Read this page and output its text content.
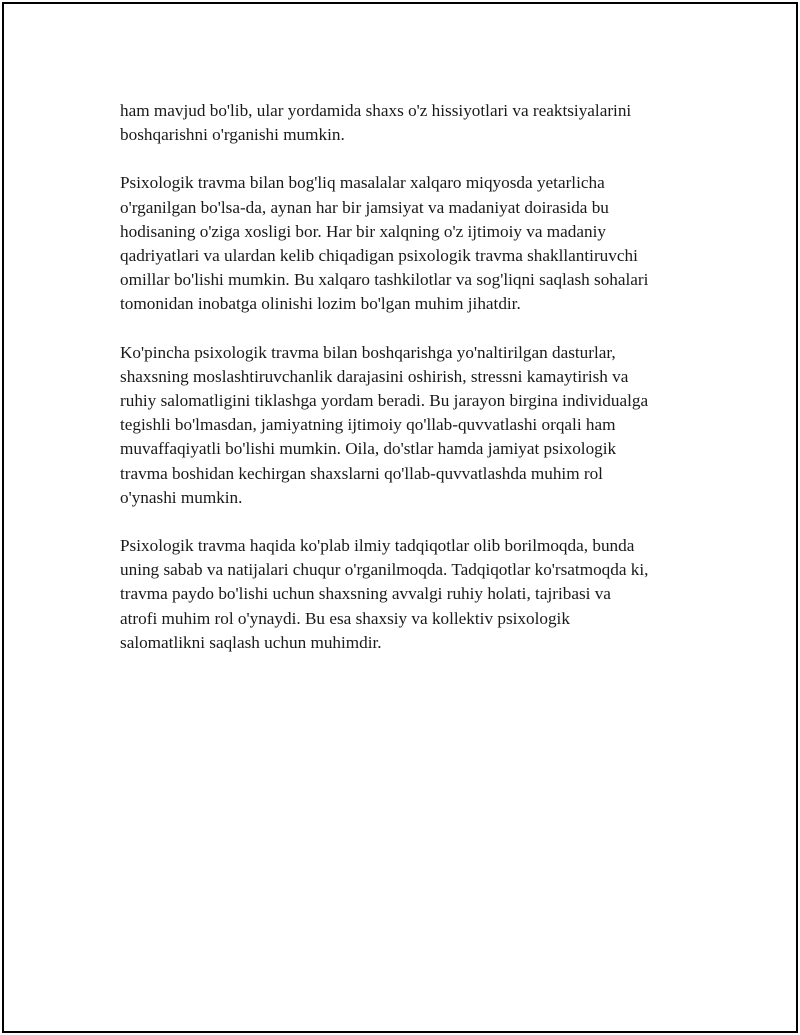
ham mavjud bo'lib, ular yordamida shaxs o'z hissiyotlari va reaktsiyalarini
boshqarishni o'rganishi mumkin.

Psixologik travma bilan bog'liq masalalar xalqaro miqyosda yetarlicha
o'rganilgan bo'lsa-da, aynan har bir jamsiyat va madaniyat doirasida bu
hodisaning o'ziga xosligi bor. Har bir xalqning o'z ijtimoiy va madaniy
qadriyatlari va ulardan kelib chiqadigan psixologik travma shakllantiruvchi
omillar bo'lishi mumkin. Bu xalqaro tashkilotlar va sog'liqni saqlash sohalari
tomonidan inobatga olinishi lozim bo'lgan muhim jihatdir.

Ko'pincha psixologik travma bilan boshqarishga yo'naltirilgan dasturlar,
shaxsning moslashtiruvchanlik darajasini oshirish, stressni kamaytirish va
ruhiy salomatligini tiklashga yordam beradi. Bu jarayon birgina individualga
tegishli bo'lmasdan, jamiyatning ijtimoiy qo'llab-quvvatlashi orqali ham
muvaffaqiyatli bo'lishi mumkin. Oila, do'stlar hamda jamiyat psixologik
travma boshidan kechirgan shaxslarni qo'llab-quvvatlashda muhim rol
o'ynashi mumkin.

Psixologik travma haqida ko'plab ilmiy tadqiqotlar olib borilmoqda, bunda
uning sabab va natijalari chuqur o'rganilmoqda. Tadqiqotlar ko'rsatmoqda ki,
travma paydo bo'lishi uchun shaxsning avvalgi ruhiy holati, tajribasi va
atrofi muhim rol o'ynaydi. Bu esa shaxsiy va kollektiv psixologik
salomatlikni saqlash uchun muhimdir.
